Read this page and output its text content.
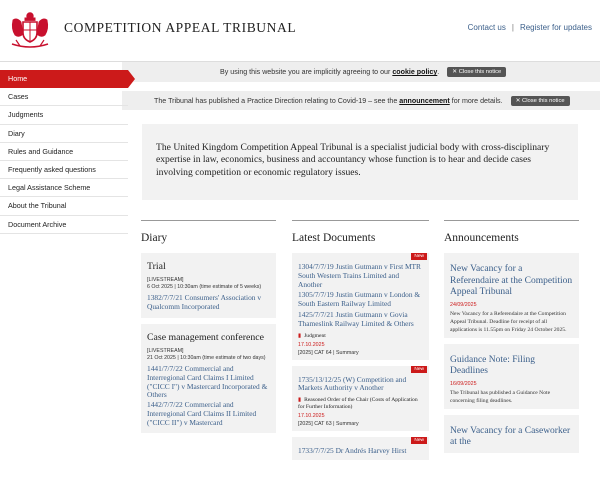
COMPETITION APPEAL TRIBUNAL	Contact us | Register for updates
By using this website you are implicitly agreeing to our
cookie policy .	✕ Close this notice
The Tribunal has published a Practice Direction relating to Covid-19 – see the
announcement
for more details.	✕ Close this notice
Home
Cases
Judgments
Diary
Rules and Guidance
Frequently asked questions
Legal Assistance Scheme
About the Tribunal
Document Archive

The United Kingdom Competition Appeal Tribunal is a specialist judicial body with cross-disciplinary expertise in law, economics, business and accountancy whose function is to hear and decide cases involving competition or economic regulatory issues.

Diary
Trial
[LIVESTREAM]
6 Oct 2025 | 10:30am (time estimate of 5 weeks)
1382/7/7/21 Consumers' Association v Qualcomm Incorporated
Case management conference
[LIVESTREAM]
21 Oct 2025 | 10:30am (time estimate of two days)
1441/7/7/22 Commercial and Interregional Card Claims I Limited ("CICC I") v Mastercard Incorporated & Others
1442/7/7/22 Commercial and Interregional Card Claims II Limited ("CICC II") v Mastercard
Latest Documents
New
1304/7/7/19 Justin Gutmann v First MTR South Western Trains Limited and Another
1305/7/7/19 Justin Gutmann v London & South Eastern Railway Limited
1425/7/7/21 Justin Gutmann v Govia Thameslink Railway Limited & Others
▮ Judgment
17.10.2025
[2025] CAT 64 | Summary
New
1735/13/12/25 (W) Competition and Markets Authority v Another
▮ Reasoned Order of the Chair (Costs of Application for Further Information)
17.10.2025
[2025] CAT 63 | Summary
New
1733/7/7/25 Dr Andrés Harvey Hirst
Announcements
New Vacancy for a Referendaire at the Competition Appeal Tribunal
24/09/2025
New Vacancy for a Referendaire at the Competition Appeal Tribunal. Deadline for receipt of all applications is 11.55pm on Friday 24 October 2025.
Guidance Note: Filing Deadlines
16/09/2025
The Tribunal has published a Guidance Note concerning filing deadlines.
New Vacancy for a Caseworker at the
